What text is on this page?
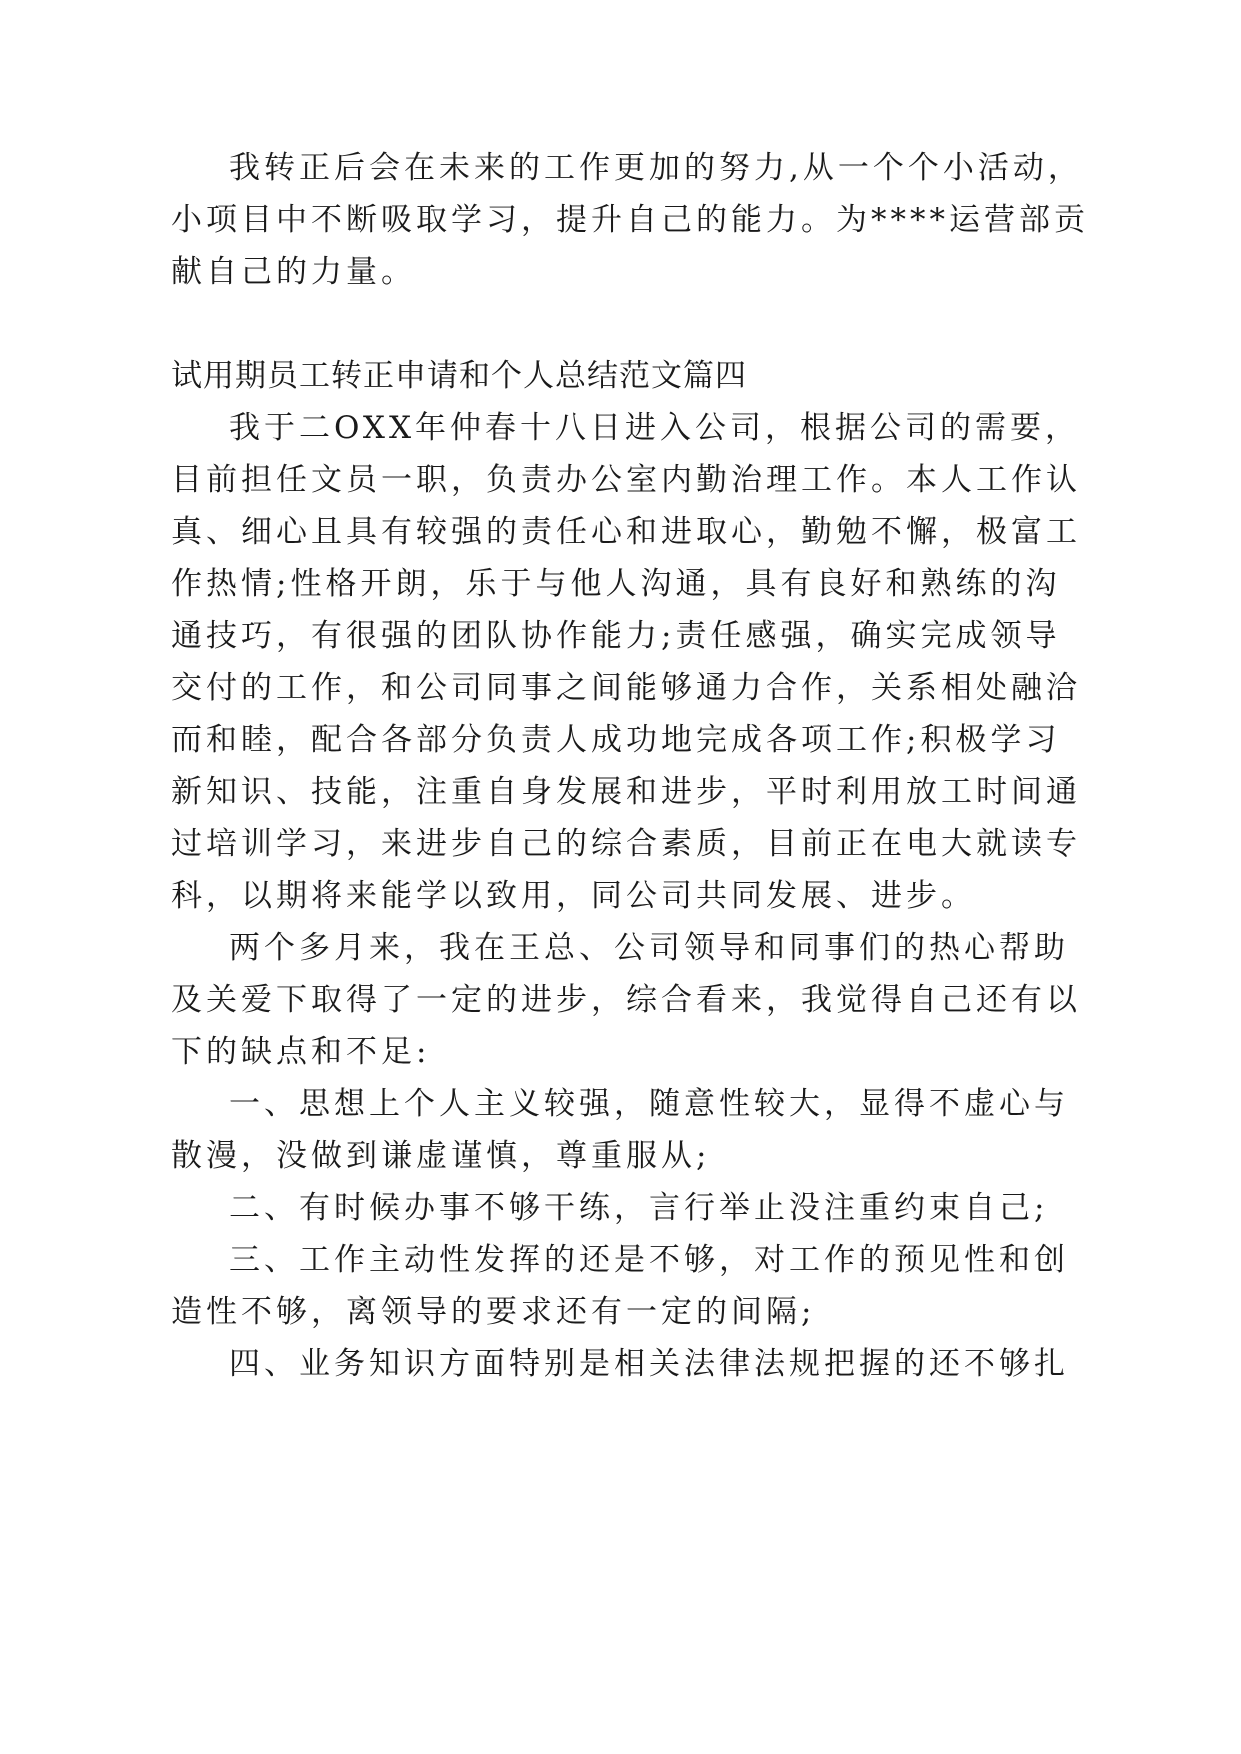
我转正后会在未来的工作更加的努力,从一个个小活动，

小项目中不断吸取学习，提升自己的能力。为****运营部贡

献自己的力量。

试用期员工转正申请和个人总结范文篇四

我于二OXX年仲春十八日进入公司，根据公司的需要，

目前担任文员一职，负责办公室内勤治理工作。本人工作认

真、细心且具有较强的责任心和进取心，勤勉不懈，极富工

作热情;性格开朗，乐于与他人沟通，具有良好和熟练的沟

通技巧，有很强的团队协作能力;责任感强，确实完成领导

交付的工作，和公司同事之间能够通力合作，关系相处融洽

而和睦，配合各部分负责人成功地完成各项工作;积极学习

新知识、技能，注重自身发展和进步，平时利用放工时间通

过培训学习，来进步自己的综合素质，目前正在电大就读专

科，以期将来能学以致用，同公司共同发展、进步。

两个多月来，我在王总、公司领导和同事们的热心帮助

及关爱下取得了一定的进步，综合看来，我觉得自己还有以

下的缺点和不足:

一、思想上个人主义较强，随意性较大，显得不虚心与

散漫，没做到谦虚谨慎，尊重服从;

二、有时候办事不够干练，言行举止没注重约束自己;

三、工作主动性发挥的还是不够，对工作的预见性和创

造性不够，离领导的要求还有一定的间隔;

四、业务知识方面特别是相关法律法规把握的还不够扎
